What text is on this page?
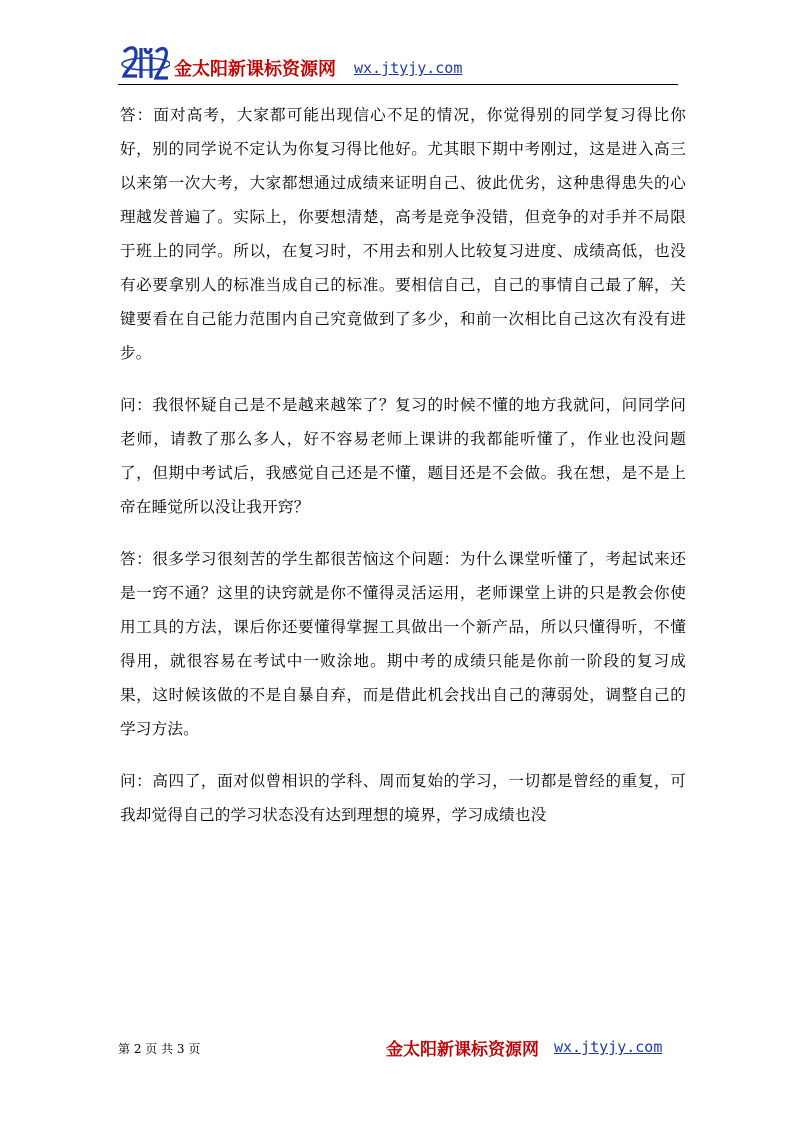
金太阳新课标资源网 wx.jtyjy.com

答：面对高考，大家都可能出现信心不足的情况，你觉得别的同学复习得比你好，别的同学说不定认为你复习得比他好。尤其眼下期中考刚过，这是进入高三以来第一次大考，大家都想通过成绩来证明自己、彼此优劣，这种患得患失的心理越发普遍了。实际上，你要想清楚，高考是竞争没错，但竞争的对手并不局限于班上的同学。所以，在复习时，不用去和别人比较复习进度、成绩高低，也没有必要拿别人的标准当成自己的标准。要相信自己，自己的事情自己最了解，关键要看在自己能力范围内自己究竟做到了多少，和前一次相比自己这次有没有进步。

问：我很怀疑自己是不是越来越笨了？复习的时候不懂的地方我就问，问同学问老师，请教了那么多人，好不容易老师上课讲的我都能听懂了，作业也没问题了，但期中考试后，我感觉自己还是不懂，题目还是不会做。我在想，是不是上帝在睡觉所以没让我开窍？

答：很多学习很刻苦的学生都很苦恼这个问题：为什么课堂听懂了，考起试来还是一窍不通？这里的诀窍就是你不懂得灵活运用，老师课堂上讲的只是教会你使用工具的方法，课后你还要懂得掌握工具做出一个新产品，所以只懂得听，不懂得用，就很容易在考试中一败涂地。期中考的成绩只能是你前一阶段的复习成果，这时候该做的不是自暴自弃，而是借此机会找出自己的薄弱处，调整自己的学习方法。

问：高四了，面对似曾相识的学科、周而复始的学习，一切都是曾经的重复，可我却觉得自己的学习状态没有达到理想的境界，学习成绩也没

第 2 页 共 3 页	金太阳新课标资源网 wx.jtyjy.com
